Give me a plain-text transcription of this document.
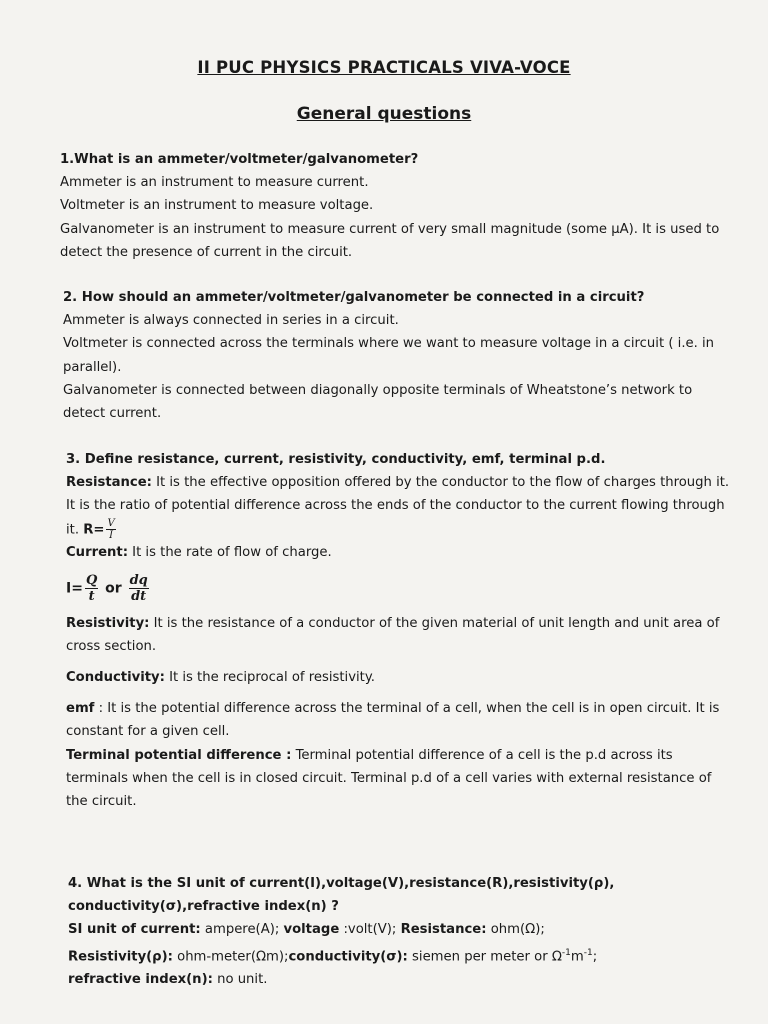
II PUC PHYSICS PRACTICALS VIVA-VOCE
General questions

1.What is an ammeter/voltmeter/galvanometer?

Ammeter is an instrument to measure current.

Voltmeter is an instrument to measure voltage.

Galvanometer is an instrument to measure current of very small magnitude (some µA). It is used to detect the presence of current in the circuit.

2. How should an ammeter/voltmeter/galvanometer be connected in a circuit?

Ammeter is always connected in series in a circuit.

Voltmeter is connected across the terminals where we want to measure voltage in a circuit ( i.e. in parallel).

Galvanometer is connected between diagonally opposite terminals of Wheatstone’s network to detect current.

3. Define resistance, current, resistivity, conductivity, emf, terminal p.d.

Resistance: It is the effective opposition offered by the conductor to the flow of charges through it. It is the ratio of potential difference across the ends of the conductor to the current flowing through it. $R= \frac{V}{I}$

Current: It is the rate of flow of charge.

$I= \frac{Q}{t}$ or $\frac{dq}{dt}$

Resistivity: It is the resistance of a conductor of the given material of unit length and unit area of cross section.

Conductivity: It is the reciprocal of resistivity.

emf : It is the potential difference across the terminal of a cell, when the cell is in open circuit. It is constant for a given cell.

Terminal potential difference : Terminal potential difference of a cell is the p.d across its terminals when the cell is in closed circuit. Terminal p.d of a cell varies with external resistance of the circuit.

4. What is the SI unit of current(I),voltage(V),resistance(R),resistivity(ρ), conductivity(σ),refractive index(n) ?

SI unit of current: ampere(A); voltage :volt(V); Resistance: ohm(Ω);

Resistivity(ρ): ohm-meter(Ωm);conductivity(σ): siemen per meter or $\Omega^{-1}m^{-1}$;

refractive index(n): no unit.
